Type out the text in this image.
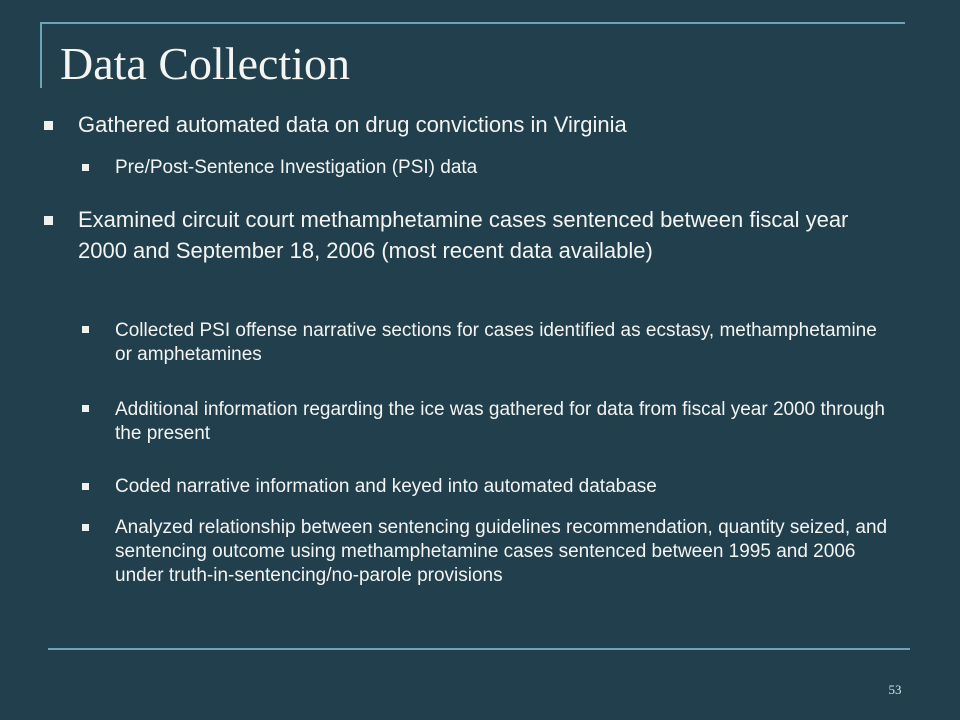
Data Collection
Gathered automated data on drug convictions in Virginia
Pre/Post-Sentence Investigation (PSI) data
Examined circuit court methamphetamine cases sentenced between fiscal year 2000 and September 18, 2006 (most recent data available)
Collected PSI offense narrative sections for cases identified as ecstasy, methamphetamine or amphetamines
Additional information regarding the ice was gathered for data from fiscal year 2000 through the present
Coded narrative information and keyed into automated database
Analyzed relationship between sentencing guidelines recommendation, quantity seized, and sentencing outcome using methamphetamine cases sentenced between 1995 and 2006 under truth-in-sentencing/no-parole provisions
53
